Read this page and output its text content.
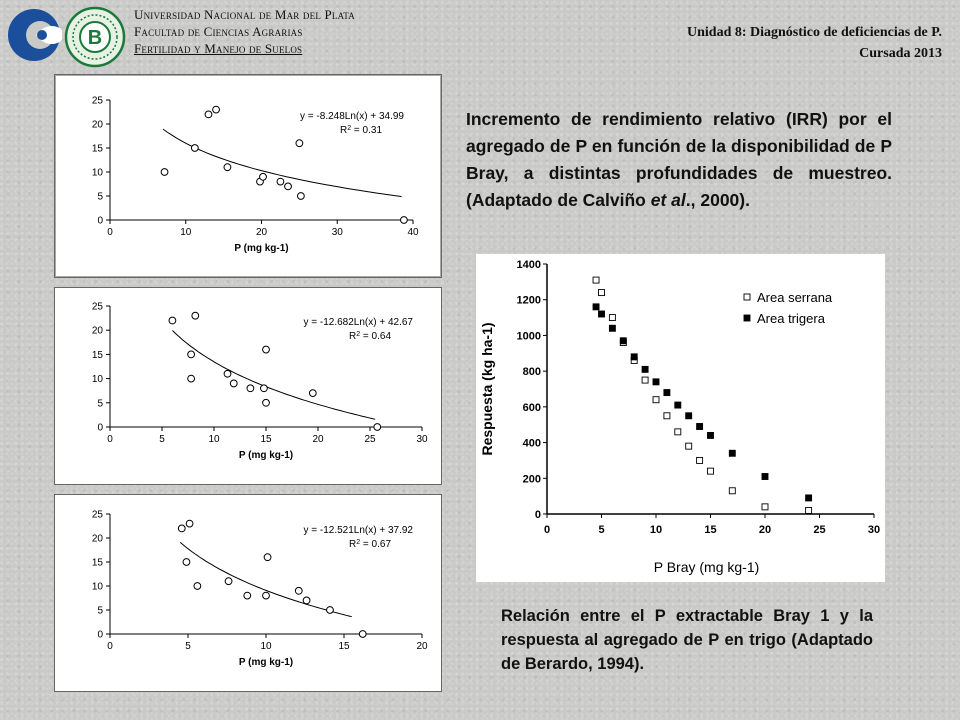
B
Universidad Nacional de Mar del Plata
Facultad de Ciencias Agrarias
Fertilidad y Manejo de Suelos
Unidad 8: Diagnóstico de deficiencias de P.
Cursada 2013
0
5
10
15
20
25
0	10	20	30	40
P (mg kg-1)
y = -8.248Ln(x) + 34.99
$R^2 = 0.31$
0
5
10
15
20
25
0	5	10	15	20	25	30
P (mg kg-1)
y = -12.682Ln(x) + 42.67
$R^2 = 0.64$
0
5
10
15
20
25
0	5	10	15	20
P (mg kg-1)
y = -12.521Ln(x) + 37.92
$R^2 = 0.67$
0
200
400
600
800
1000
1200
1400
0	5	10	15	20	25	30
P Bray (mg kg-1)
Respuesta (kg ha-1)
Area serrana
Area trigera
Incremento de rendimiento relativo (IRR) por el agregado de P en función de la disponibilidad de P Bray, a distintas profundidades de muestreo. (Adaptado de Calviño et al., 2000).
Relación entre el P extractable Bray 1 y la respuesta al agregado de P en trigo (Adaptado de Berardo, 1994).
